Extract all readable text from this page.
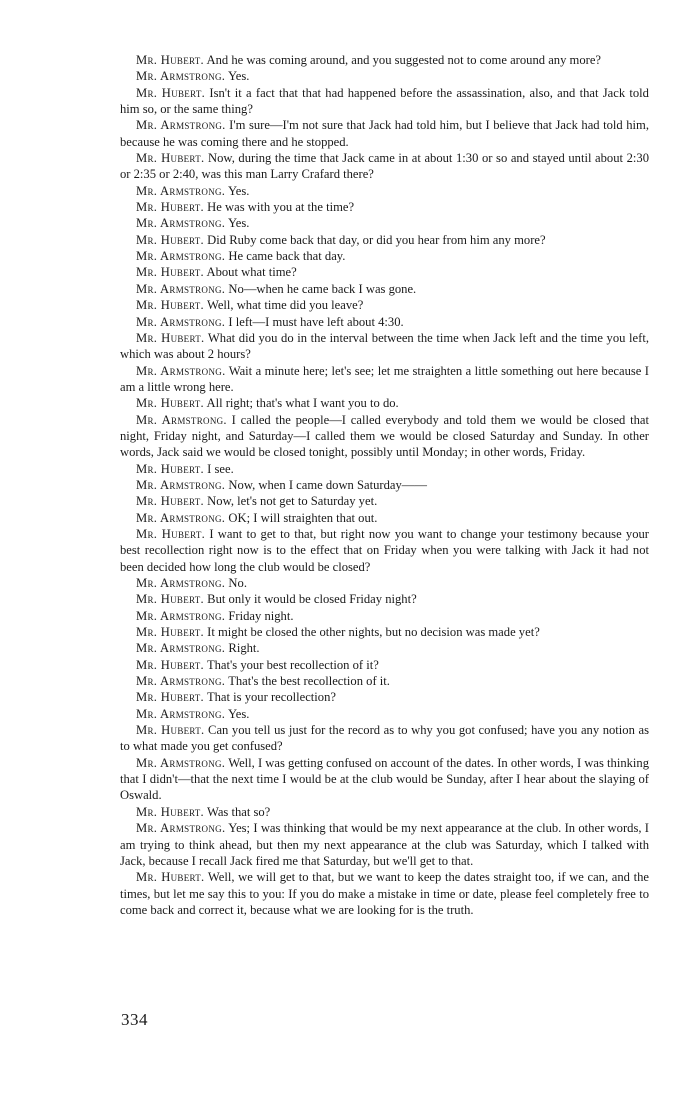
Mr. Hubert. And he was coming around, and you suggested not to come around any more?

Mr. Armstrong. Yes.

Mr. Hubert. Isn't it a fact that that had happened before the assassination, also, and that Jack told him so, or the same thing?

Mr. Armstrong. I'm sure—I'm not sure that Jack had told him, but I believe that Jack had told him, because he was coming there and he stopped.

Mr. Hubert. Now, during the time that Jack came in at about 1:30 or so and stayed until about 2:30 or 2:35 or 2:40, was this man Larry Crafard there?

Mr. Armstrong. Yes.

Mr. Hubert. He was with you at the time?

Mr. Armstrong. Yes.

Mr. Hubert. Did Ruby come back that day, or did you hear from him any more?

Mr. Armstrong. He came back that day.

Mr. Hubert. About what time?

Mr. Armstrong. No—when he came back I was gone.

Mr. Hubert. Well, what time did you leave?

Mr. Armstrong. I left—I must have left about 4:30.

Mr. Hubert. What did you do in the interval between the time when Jack left and the time you left, which was about 2 hours?

Mr. Armstrong. Wait a minute here; let's see; let me straighten a little something out here because I am a little wrong here.

Mr. Hubert. All right; that's what I want you to do.

Mr. Armstrong. I called the people—I called everybody and told them we would be closed that night, Friday night, and Saturday—I called them we would be closed Saturday and Sunday. In other words, Jack said we would be closed tonight, possibly until Monday; in other words, Friday.

Mr. Hubert. I see.

Mr. Armstrong. Now, when I came down Saturday——

Mr. Hubert. Now, let's not get to Saturday yet.

Mr. Armstrong. OK; I will straighten that out.

Mr. Hubert. I want to get to that, but right now you want to change your testimony because your best recollection right now is to the effect that on Friday when you were talking with Jack it had not been decided how long the club would be closed?

Mr. Armstrong. No.

Mr. Hubert. But only it would be closed Friday night?

Mr. Armstrong. Friday night.

Mr. Hubert. It might be closed the other nights, but no decision was made yet?

Mr. Armstrong. Right.

Mr. Hubert. That's your best recollection of it?

Mr. Armstrong. That's the best recollection of it.

Mr. Hubert. That is your recollection?

Mr. Armstrong. Yes.

Mr. Hubert. Can you tell us just for the record as to why you got confused; have you any notion as to what made you get confused?

Mr. Armstrong. Well, I was getting confused on account of the dates. In other words, I was thinking that I didn't—that the next time I would be at the club would be Sunday, after I hear about the slaying of Oswald.

Mr. Hubert. Was that so?

Mr. Armstrong. Yes; I was thinking that would be my next appearance at the club. In other words, I am trying to think ahead, but then my next appearance at the club was Saturday, which I talked with Jack, because I recall Jack fired me that Saturday, but we'll get to that.

Mr. Hubert. Well, we will get to that, but we want to keep the dates straight too, if we can, and the times, but let me say this to you: If you do make a mistake in time or date, please feel completely free to come back and correct it, because what we are looking for is the truth.

334
